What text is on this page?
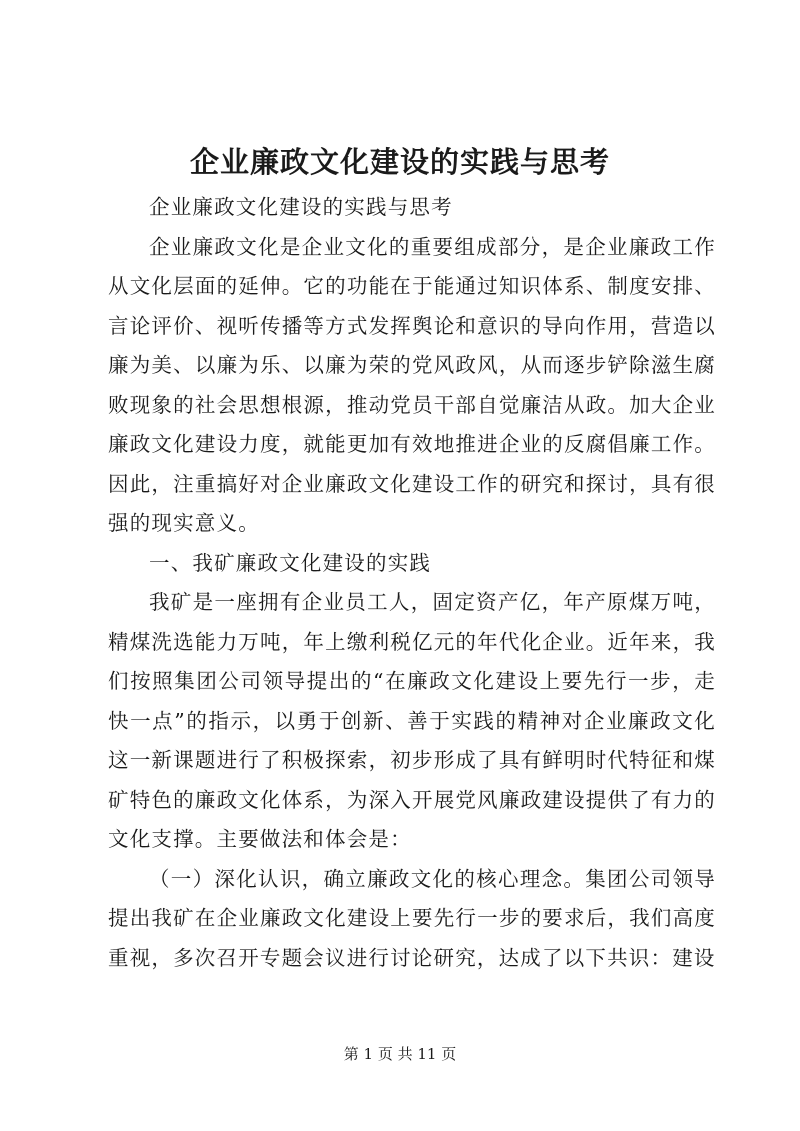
企业廉政文化建设的实践与思考

企业廉政文化建设的实践与思考

企业廉政文化是企业文化的重要组成部分，是企业廉政工作从文化层面的延伸。它的功能在于能通过知识体系、制度安排、言论评价、视听传播等方式发挥舆论和意识的导向作用，营造以廉为美、以廉为乐、以廉为荣的党风政风，从而逐步铲除滋生腐败现象的社会思想根源，推动党员干部自觉廉洁从政。加大企业廉政文化建设力度，就能更加有效地推进企业的反腐倡廉工作。因此，注重搞好对企业廉政文化建设工作的研究和探讨，具有很强的现实意义。

一、我矿廉政文化建设的实践

我矿是一座拥有企业员工人，固定资产亿，年产原煤万吨，精煤洗选能力万吨，年上缴利税亿元的年代化企业。近年来，我们按照集团公司领导提出的“在廉政文化建设上要先行一步，走快一点”的指示，以勇于创新、善于实践的精神对企业廉政文化这一新课题进行了积极探索，初步形成了具有鲜明时代特征和煤矿特色的廉政文化体系，为深入开展党风廉政建设提供了有力的文化支撑。主要做法和体会是：

（一）深化认识，确立廉政文化的核心理念。集团公司领导提出我矿在企业廉政文化建设上要先行一步的要求后，我们高度重视，多次召开专题会议进行讨论研究，达成了以下共识：建设

第 1 页 共 11 页
